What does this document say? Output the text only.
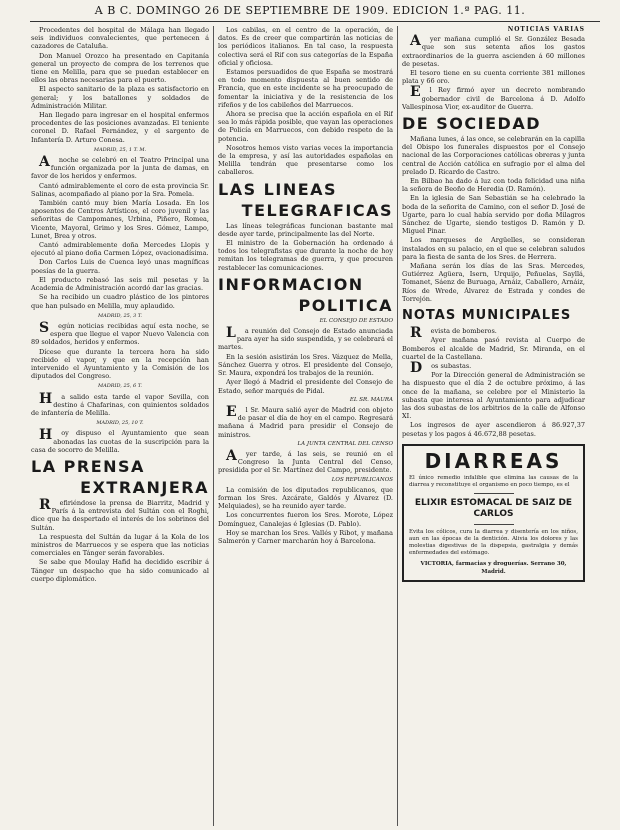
A B C. DOMINGO 26 DE SEPTIEMBRE DE 1909. EDICION 1.ª PAG. 11.

Procedentes del hospital de Málaga han llegado seis individuos convalecientes, que pertenecen á cazadores de Cataluña.

Don Manuel Orozco ha presentado en Capitanía general un proyecto de compra de los terrenos que tiene en Melilla, para que se puedan establecer en ellos las obras necesarias para el puerto.

El aspecto sanitario de la plaza es satisfactorio en general; y los batallones y soldados de Administración Militar.

Han llegado para ingresar en el hospital enfermos procedentes de las posiciones avanzadas. El teniente coronel D. Rafael Fernández, y el sargento de Infantería D. Arturo Conesa.

MADRID, 25, 1 T. M.

Anoche se celebró en el Teatro Principal una función organizada por la junta de damas, en favor de los heridos y enfermos.

Cantó admirablemente el coro de esta provincia Sr. Salinas, acompañado al piano por la Sra. Pomela.

También cantó muy bien María Losada. En los aposentos de Centros Artísticos, el coro juvenil y las señoritas de Campomanes, Urbina, Piñero, Romea, Vicente, Mayoral, Grimo y los Sres. Gómez, Lampo, Lunet, Brea y otros.

Cantó admirablemente doña Mercedes Llopis y ejecutó al piano doña Carmen López, ovacionadísima.

Don Carlos Luis de Cuenca leyó unas magníficas poesías de la guerra.

El producto rebasó las seis mil pesetas y la Academia de Administración acordó dar las gracias.

Se ha recibido un cuadro plástico de los pintores que han pulsado en Melilla, muy aplaudido.

MADRID, 25, 3 T.

Según noticias recibidas aquí esta noche, se espera que llegue el vapor Nuevo Valencia con 89 soldados, heridos y enfermos.

Dícese que durante la tercera hora ha sido recibido el vapor, y que en la recepción han intervenido el Ayuntamiento y la Comisión de los diputados del Congreso.

MADRID, 25, 6 T.

Ha salido esta tarde el vapor Sevilla, con destino á Chafarinas, con quinientos soldados de infantería de Melilla.

MADRID, 25, 10 T.

Hoy dispuso el Ayuntamiento que sean abonadas las cuotas de la suscripción para la casa de socorro de Melilla.

LA PRENSA
EXTRANJERA

Refiriéndose la prensa de Biarritz, Madrid y París á la entrevista del Sultán con el Roghi, dice que ha despertado el interés de los sobrinos del Sultán.

La respuesta del Sultán da lugar á la Kola de los ministros de Marruecos y se espera que las noticias comerciales en Tánger serán favorables.

Se sabe que Moulay Hafid ha decidido escribir á Tánger un despacho que ha sido comunicado al cuerpo diplomático.

Los cabilas, en el centro de la operación, de datos. Es de creer que compartirán las noticias de los periódicos italianos. En tal caso, la respuesta colectiva será el Rif con sus categorías de la España oficial y oficiosa.

Estamos persuadidos de que España se mostrará en todo momento dispuesta al buen sentido de Francia, que en este incidente se ha preocupado de fomentar la iniciativa y de la resistencia de los rifeños y de los cabileños del Marruecos.

Ahora se precisa que la acción española en el Rif sea lo más rápida posible, que vayan las operaciones de Policía en Marruecos, con debido respeto de la potencia.

Nosotros hemos visto varias veces la importancia de la empresa, y así las autoridades españolas en Melilla tendrán que presentarse como los caballeros.

LAS LINEAS
TELEGRAFICAS

Las líneas telegráficas funcionan bastante mal desde ayer tarde, principalmente las del Norte.

El ministro de la Gobernación ha ordenado á todos los telegrafistas que durante la noche de hoy remitan los telegramas de guerra, y que procuren restablecer las comunicaciones.

INFORMACION
POLITICA

EL CONSEJO DE ESTADO

La reunión del Consejo de Estado anunciada para ayer ha sido suspendida, y se celebrará el martes.

En la sesión asistirán los Sres. Vázquez de Mella, Sánchez Guerra y otros. El presidente del Consejo, Sr. Maura, expondrá los trabajos de la reunión.

Ayer llegó á Madrid el presidente del Consejo de Estado, señor marqués de Pidal.

EL SR. MAURA

El Sr. Maura salió ayer de Madrid con objeto de pasar el día de hoy en el campo. Regresará mañana á Madrid para presidir el Consejo de ministros.

LA JUNTA CENTRAL DEL CENSO

Ayer tarde, á las seis, se reunió en el Congreso la Junta Central del Censo, presidida por el Sr. Martínez del Campo, presidente.

LOS REPUBLICANOS

La comisión de los diputados republicanos, que forman los Sres. Azcárate, Galdós y Álvarez (D. Melquiades), se ha reunido ayer tarde.

Los concurrentes fueron los Sres. Morote, López Domínguez, Canalejas é Iglesias (D. Pablo).

Hoy se marchan los Sres. Vallés y Ribot, y mañana Salmerón y Carner marcharán hoy á Barcelona.

NOTICIAS VARIAS

Ayer mañana cumplió el Sr. González Besada que son sus setenta años los gastos extraordinarios de la guerra ascienden á 60 millones de pesetas.

El tesoro tiene en su cuenta corriente 381 millones plata y 66 oro.

El Rey firmó ayer un decreto nombrando gobernador civil de Barcelona á D. Adolfo Vallespinosa Vior, ex-auditor de Guerra.

DE SOCIEDAD

Mañana lunes, á las once, se celebrarán en la capilla del Obispo los funerales dispuestos por el Consejo nacional de las Corporaciones católicas obreras y junta central de Acción católica en sufragio por el alma del prelado D. Ricardo de Castro.

En Bilbao ha dado á luz con toda felicidad una niña la señora de Beoño de Heredia (D. Ramón).

En la iglesia de San Sebastián se ha celebrado la boda de la señorita de Camino, con el señor D. José de Ugarte, para lo cual había servido por doña Milagros Sánchez de Ugarte, siendo testigos D. Ramón y D. Miguel Pinar.

Los marqueses de Argüelles, se consideran instalados en su palacio, en el que se celebran saludos para la fiesta de santa de los Sres. de Herrera.

Mañana serán los días de las Sras. Mercedes, Gutiérrez Agüera, Isern, Urquijo, Peñuelas, Sayllá, Tomanet, Sáenz de Buruaga, Arnáiz, Caballero, Arnáiz, Ríos de Wrede, Álvarez de Estrada y condes de Torrejón.

NOTAS MUNICIPALES

Revista de bomberos.

Ayer mañana pasó revista al Cuerpo de Bomberos el alcalde de Madrid, Sr. Miranda, en el cuartel de la Castellana.

Dos subastas.

Por la Dirección general de Administración se ha dispuesto que el día 2 de octubre próximo, á las once de la mañana, se celebre por el Ministerio la subasta que interesa al Ayuntamiento para adjudicar las dos subastas de los arbitrios de la calle de Alfonso XI.

Los ingresos de ayer ascendieron á 86.927,37 pesetas y los pagos á 46.672,88 pesetas.

DIARREAS

El único remedio infalible que elimina las causas de la diarrea y reconstituye el organismo en poco tiempo, es el

ELIXIR ESTOMACAL DE SAIZ DE CARLOS

Evita los cólicos, cura la diarrea y disentería en los niños, aun en las épocas de la dentición. Alivia los dolores y las molestias digestivas de la dispepsia, gastralgia y demás enfermedades del estómago.

VICTORIA, farmacias y droguerías. Serrano 30, Madrid.
